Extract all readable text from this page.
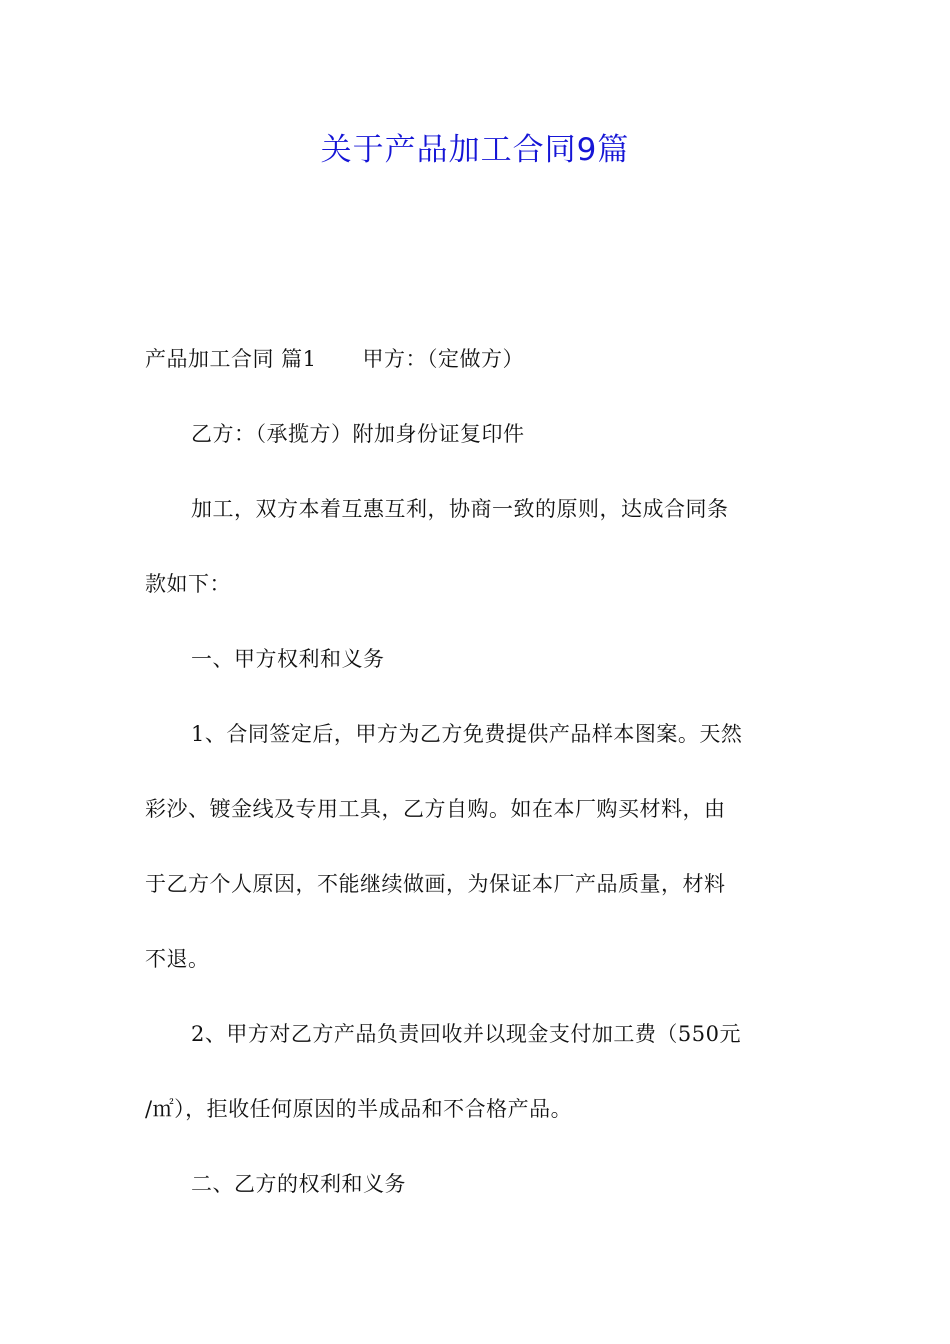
关于产品加工合同9篇

产品加工合同 篇1 甲方：（定做方）

乙方：（承揽方）附加身份证复印件

加工，双方本着互惠互利，协商一致的原则，达成合同条

款如下：

一、甲方权利和义务

1、合同签定后，甲方为乙方免费提供产品样本图案。天然

彩沙、镀金线及专用工具，乙方自购。如在本厂购买材料，由

于乙方个人原因，不能继续做画，为保证本厂产品质量，材料

不退。

2、甲方对乙方产品负责回收并以现金支付加工费（550元

/㎡），拒收任何原因的半成品和不合格产品。

二、乙方的权利和义务
